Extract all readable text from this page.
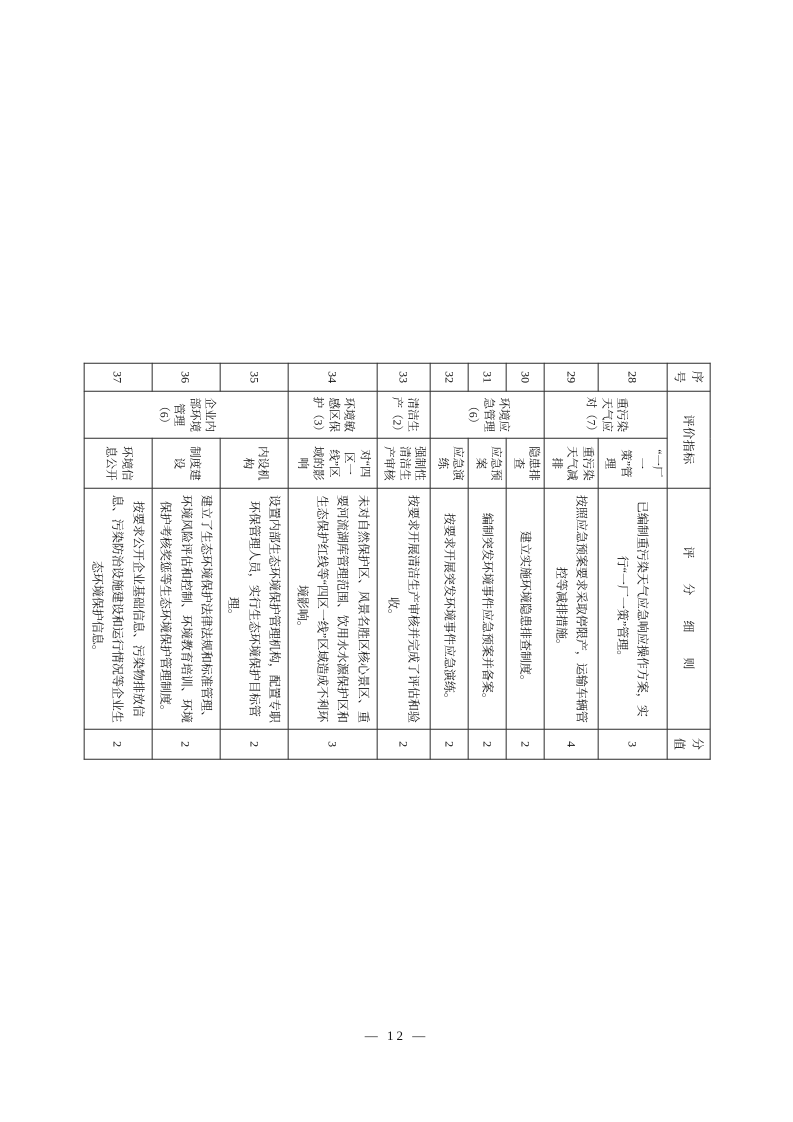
序号	评价指标		评 分 细 则	分值
28	重污染天气应对（7）	“一厂一策”管理	已编制重污染天气应急响应操作方案，实行“一厂一策”管理。	3
29		重污染天气减排	按照应急预案要求采取停限产，运输车辆管控等减排措施。	4
30	环境应急管理（6）	隐患排查	建立实施环境隐患排查制度。	2
31		应急预案	编制突发环境事件应急预案并备案。	2
32		应急演练	按要求开展突发环境事件应急演练。	2
33	清洁生产（2）	强制性清洁生产审核	按要求开展清洁生产审核并完成了评估和验收。	2
34	环境敏感区保护（3）	对“四区一线”区域的影响	未对自然保护区、风景名胜区核心景区、重要河流湖库管理范围、饮用水水源保护区和生态保护红线等“四区一线”区域造成不利环境影响。	3
35	企业内部环境管理（6）	内设机构	设置内部生态环境保护管理机构，配置专职环保管理人员，实行生态环境保护目标管理。	2
36		制度建设	建立了生态环境保护法律法规和标准管理、环境风险评估和控制、环境教育培训、环境保护考核奖惩等生态环境保护管理制度。	2
37		环境信息公开	按要求公开企业基础信息、污染物排放信息、污染防治设施建设和运行情况等企业生态环境保护信息。	2
— 12 —
